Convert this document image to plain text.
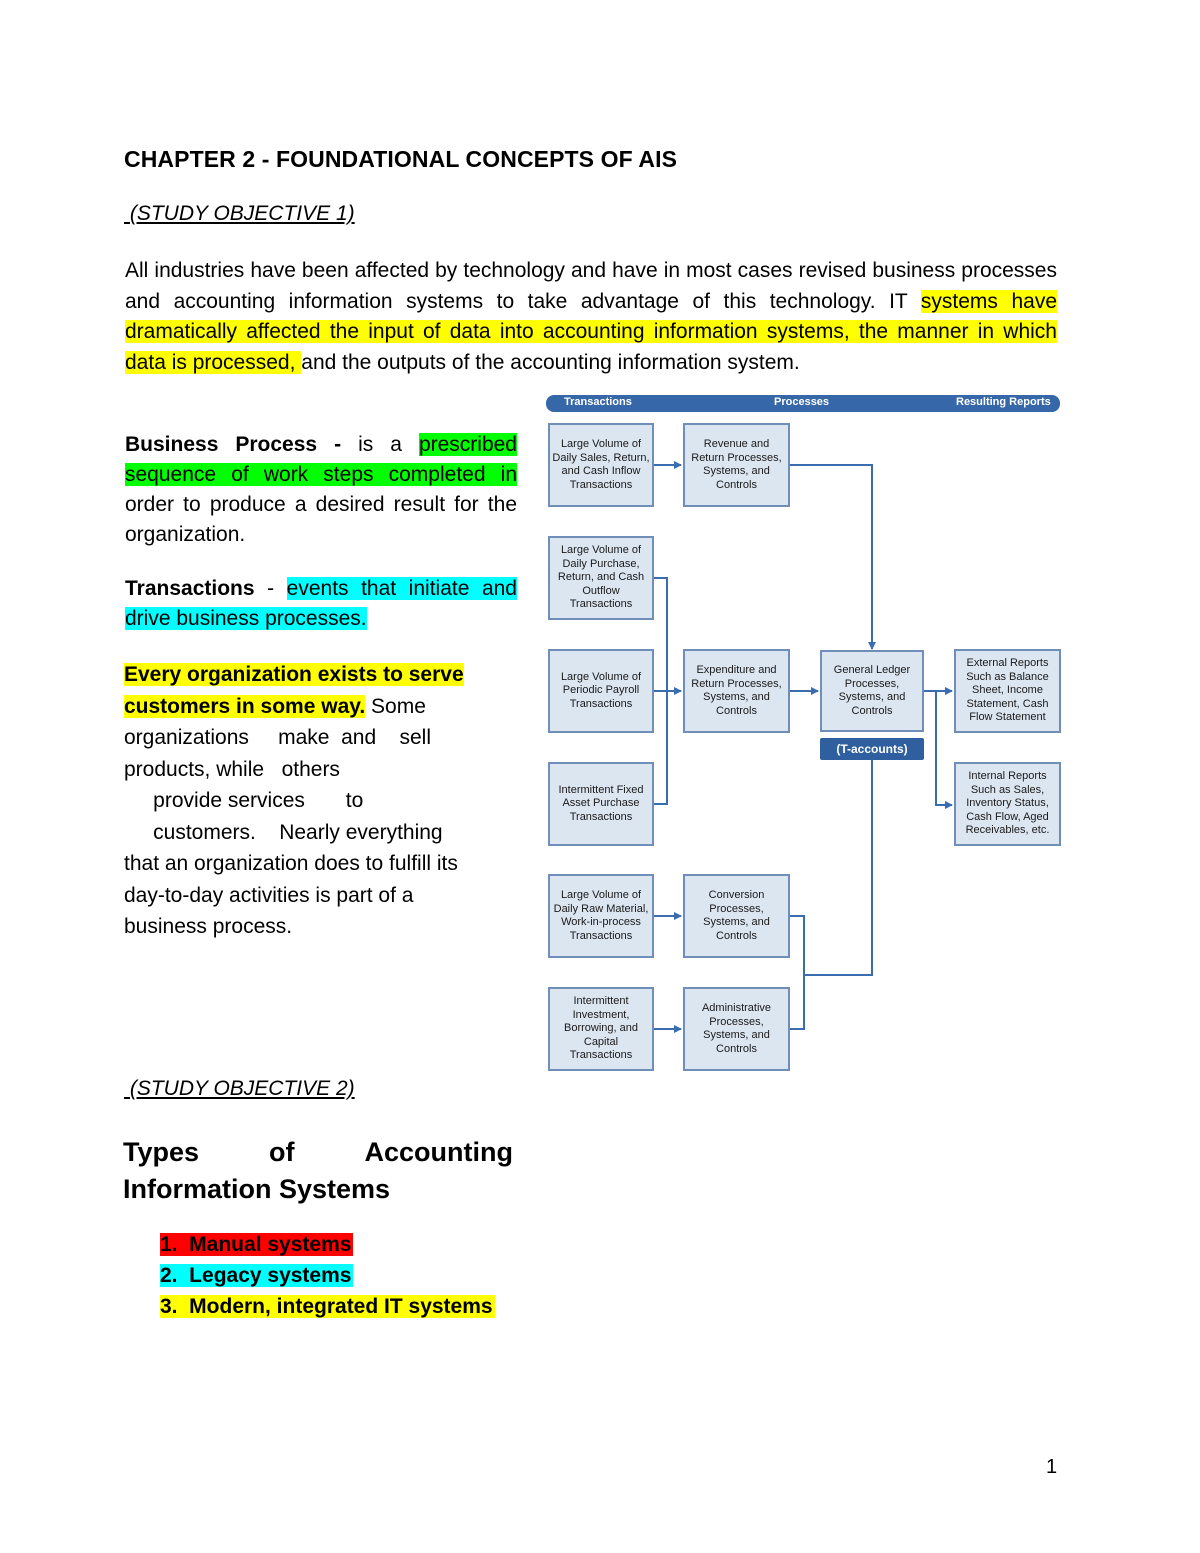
CHAPTER 2 - FOUNDATIONAL CONCEPTS OF AIS
(STUDY OBJECTIVE 1)
All industries have been affected by technology and have in most cases revised business processes and accounting information systems to take advantage of this technology. IT systems have dramatically affected the input of data into accounting information systems, the manner in which data is processed, and the outputs of the accounting information system.

Business Process - is a prescribed sequence of work steps completed in order to produce a desired result for the organization.

Transactions - events that initiate and drive business processes.

Every organization exists to serve
customers in some way. Some
organizations     make  and    sell
products, while   others
provide services       to
customers.    Nearly everything
that an organization does to fulfill its
day-to-day activities is part of a
business process.
(STUDY OBJECTIVE 2)
Types	of	Accounting
Information Systems
1.  Manual systems
2.  Legacy systems
3.  Modern, integrated IT systems
1
Transactions	Processes	Resulting Reports
Large Volume of Daily Sales, Return, and Cash Inflow Transactions
Large Volume of Daily Purchase, Return, and Cash Outflow Transactions
Large Volume of Periodic Payroll Transactions
Intermittent Fixed Asset Purchase Transactions
Large Volume of Daily Raw Material, Work-in-process Transactions
Intermittent Investment, Borrowing, and Capital Transactions
Revenue and Return Processes, Systems, and Controls
Expenditure and Return Processes, Systems, and Controls
Conversion Processes, Systems, and Controls
Administrative Processes, Systems, and Controls
General Ledger Processes, Systems, and Controls
(T-accounts)
External Reports Such as Balance Sheet, Income Statement, Cash Flow Statement
Internal Reports Such as Sales, Inventory Status, Cash Flow, Aged Receivables, etc.
